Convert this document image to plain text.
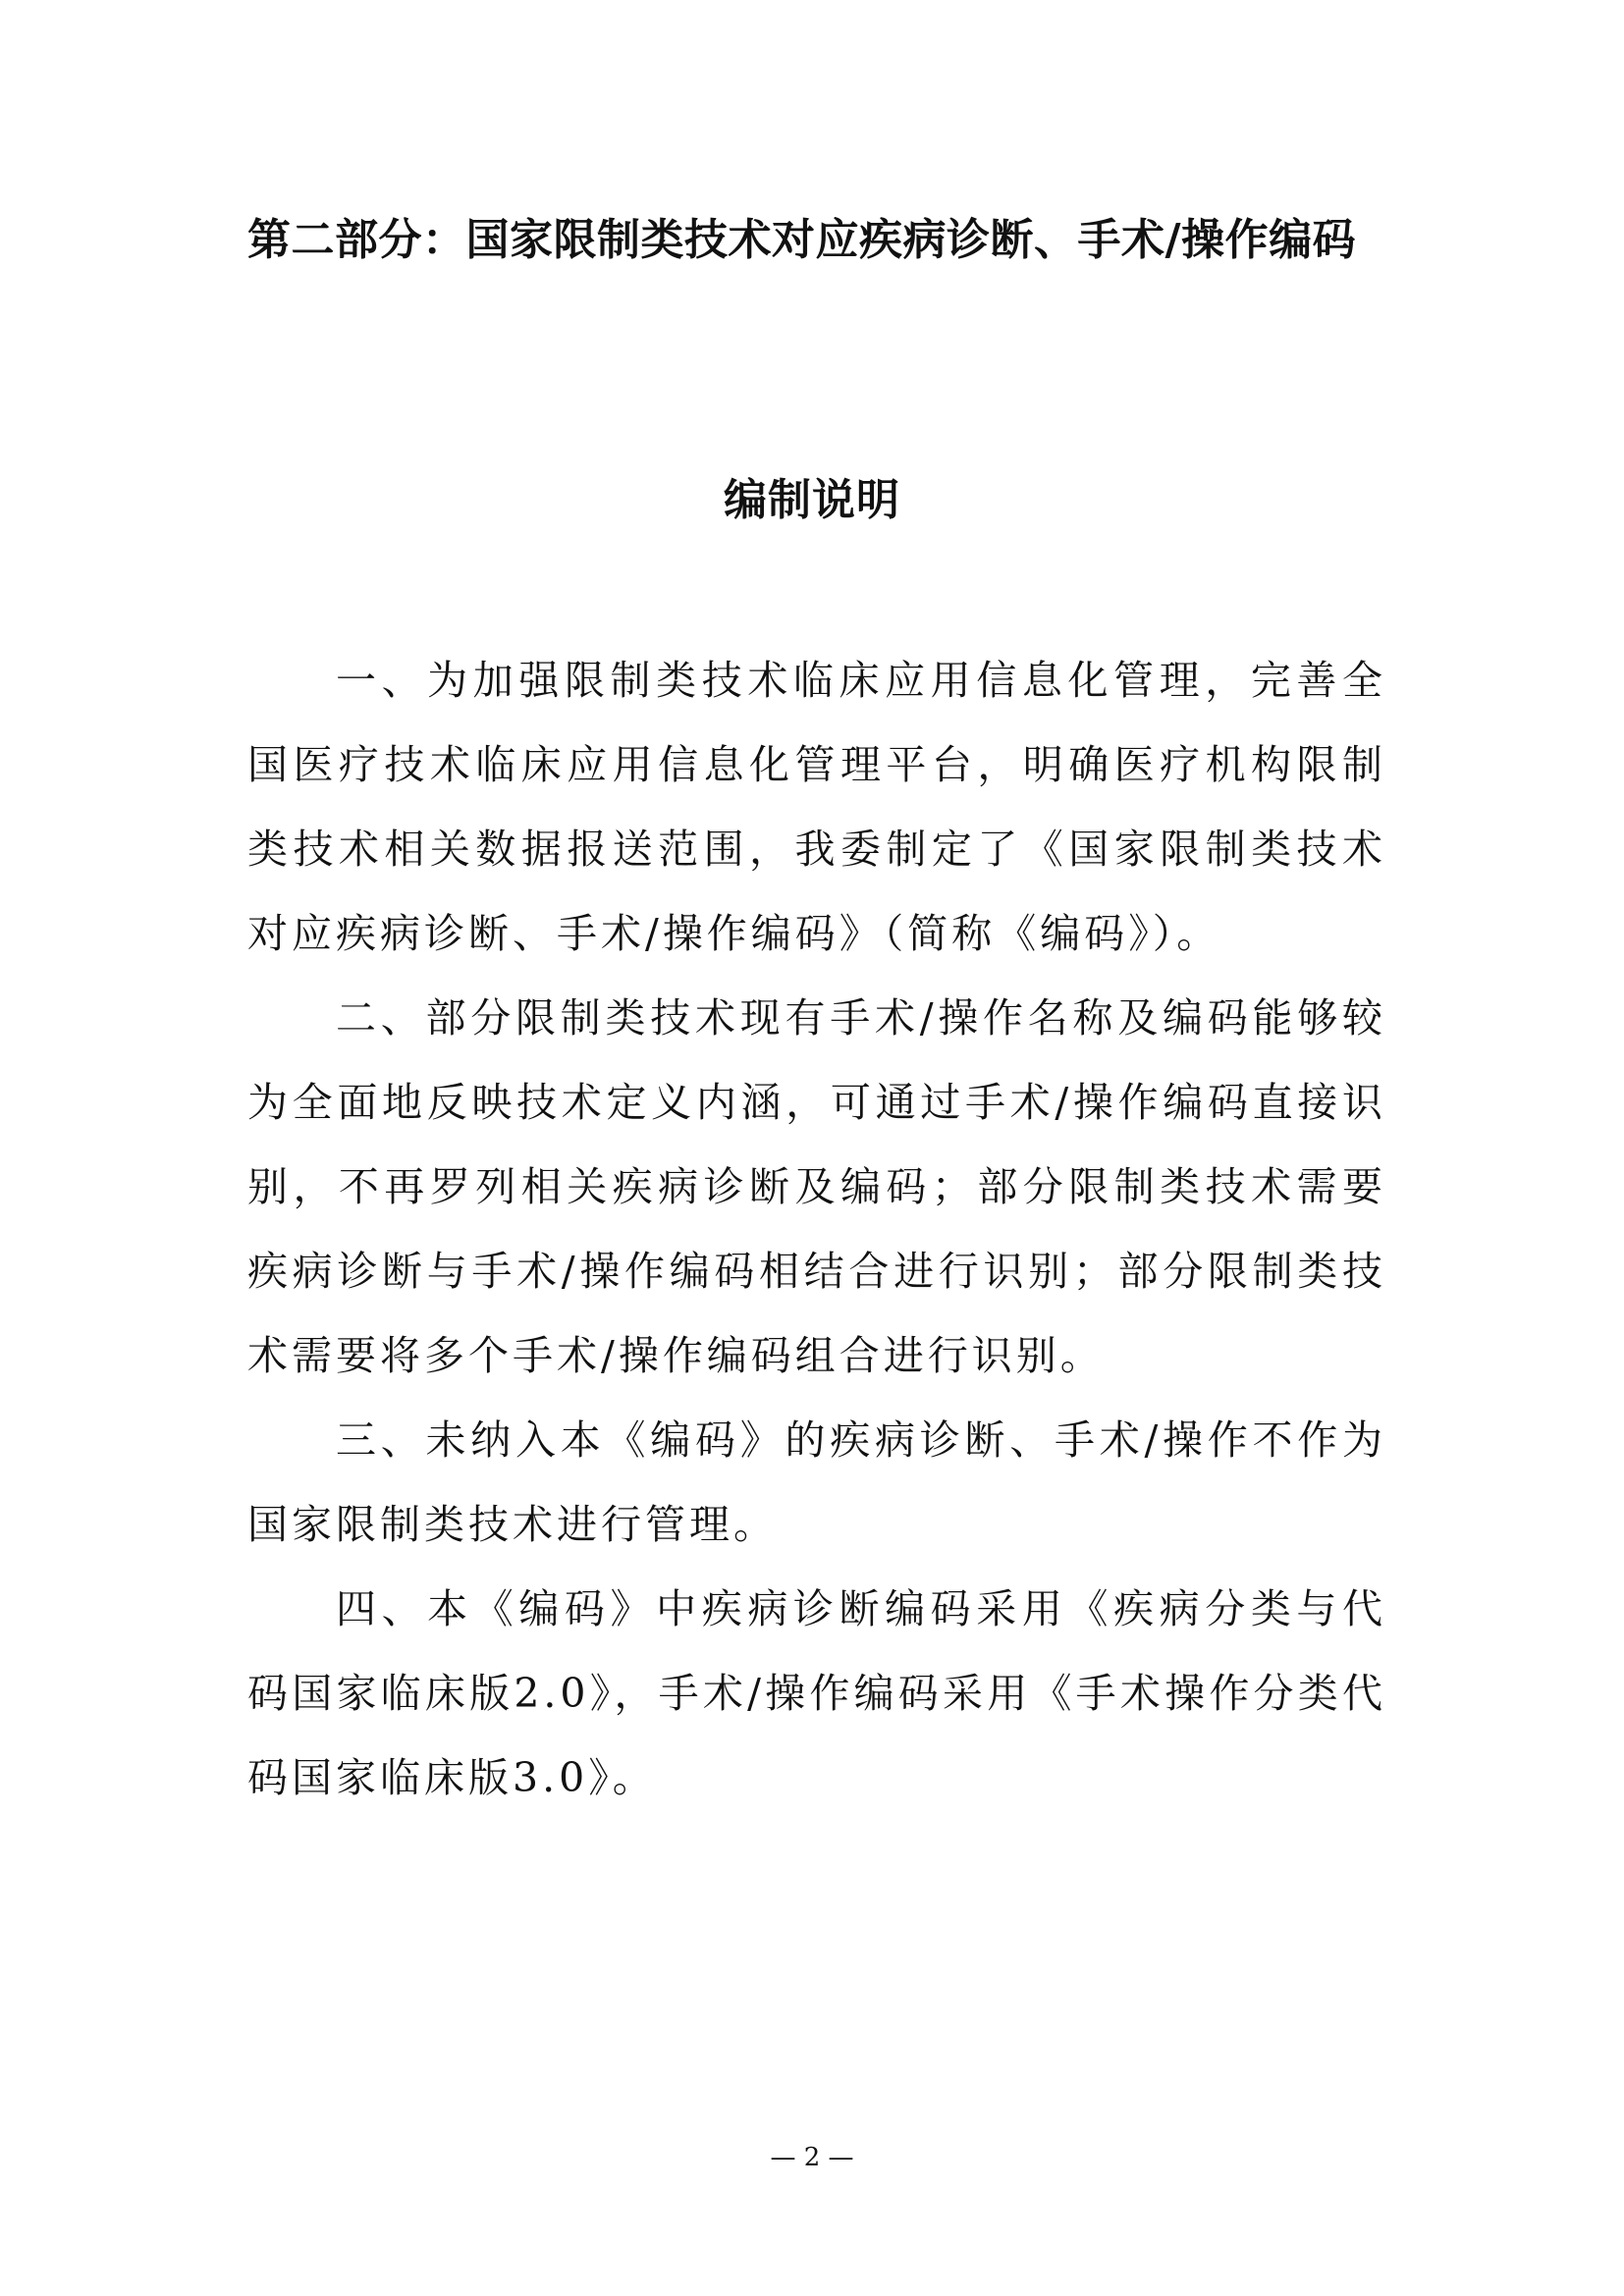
第二部分：国家限制类技术对应疾病诊断、手术/操作编码
编制说明

一、为加强限制类技术临床应用信息化管理，完善全国医疗技术临床应用信息化管理平台，明确医疗机构限制类技术相关数据报送范围，我委制定了《国家限制类技术对应疾病诊断、手术/操作编码》（简称《编码》）。

二、部分限制类技术现有手术/操作名称及编码能够较为全面地反映技术定义内涵，可通过手术/操作编码直接识别，不再罗列相关疾病诊断及编码；部分限制类技术需要疾病诊断与手术/操作编码相结合进行识别；部分限制类技术需要将多个手术/操作编码组合进行识别。

三、未纳入本《编码》的疾病诊断、手术/操作不作为国家限制类技术进行管理。

四、本《编码》中疾病诊断编码采用《疾病分类与代码国家临床版2.0》，手术/操作编码采用《手术操作分类代码国家临床版3.0》。

— 2 —
